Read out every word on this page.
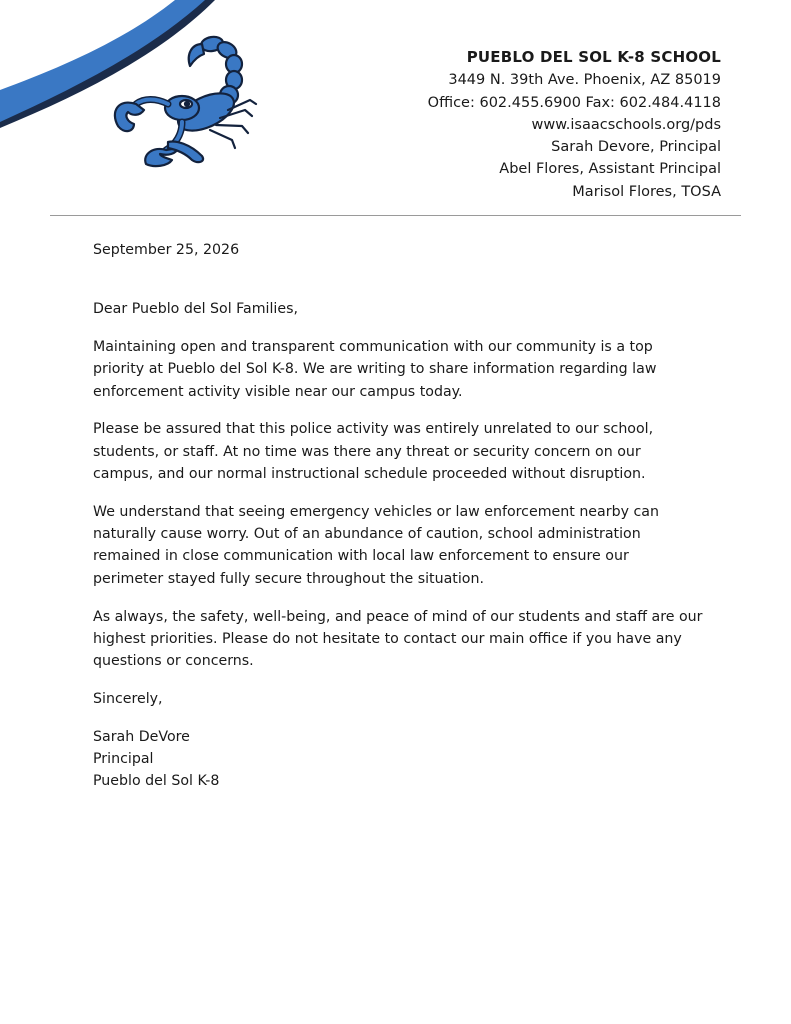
PUEBLO DEL SOL K-8 SCHOOL
3449 N. 39th Ave. Phoenix, AZ 85019
Office: 602.455.6900 Fax: 602.484.4118
www.isaacschools.org/pds
Sarah Devore, Principal
Abel Flores, Assistant Principal
Marisol Flores, TOSA

September 25, 2026

Dear Pueblo del Sol Families,

Maintaining open and transparent communication with our community is a top priority at Pueblo del Sol K-8. We are writing to share information regarding law enforcement activity visible near our campus today.

Please be assured that this police activity was entirely unrelated to our school, students, or staff. At no time was there any threat or security concern on our campus, and our normal instructional schedule proceeded without disruption.

We understand that seeing emergency vehicles or law enforcement nearby can naturally cause worry. Out of an abundance of caution, school administration remained in close communication with local law enforcement to ensure our perimeter stayed fully secure throughout the situation.

As always, the safety, well-being, and peace of mind of our students and staff are our highest priorities. Please do not hesitate to contact our main office if you have any questions or concerns.

Sincerely,

Sarah DeVore
Principal
Pueblo del Sol K-8
